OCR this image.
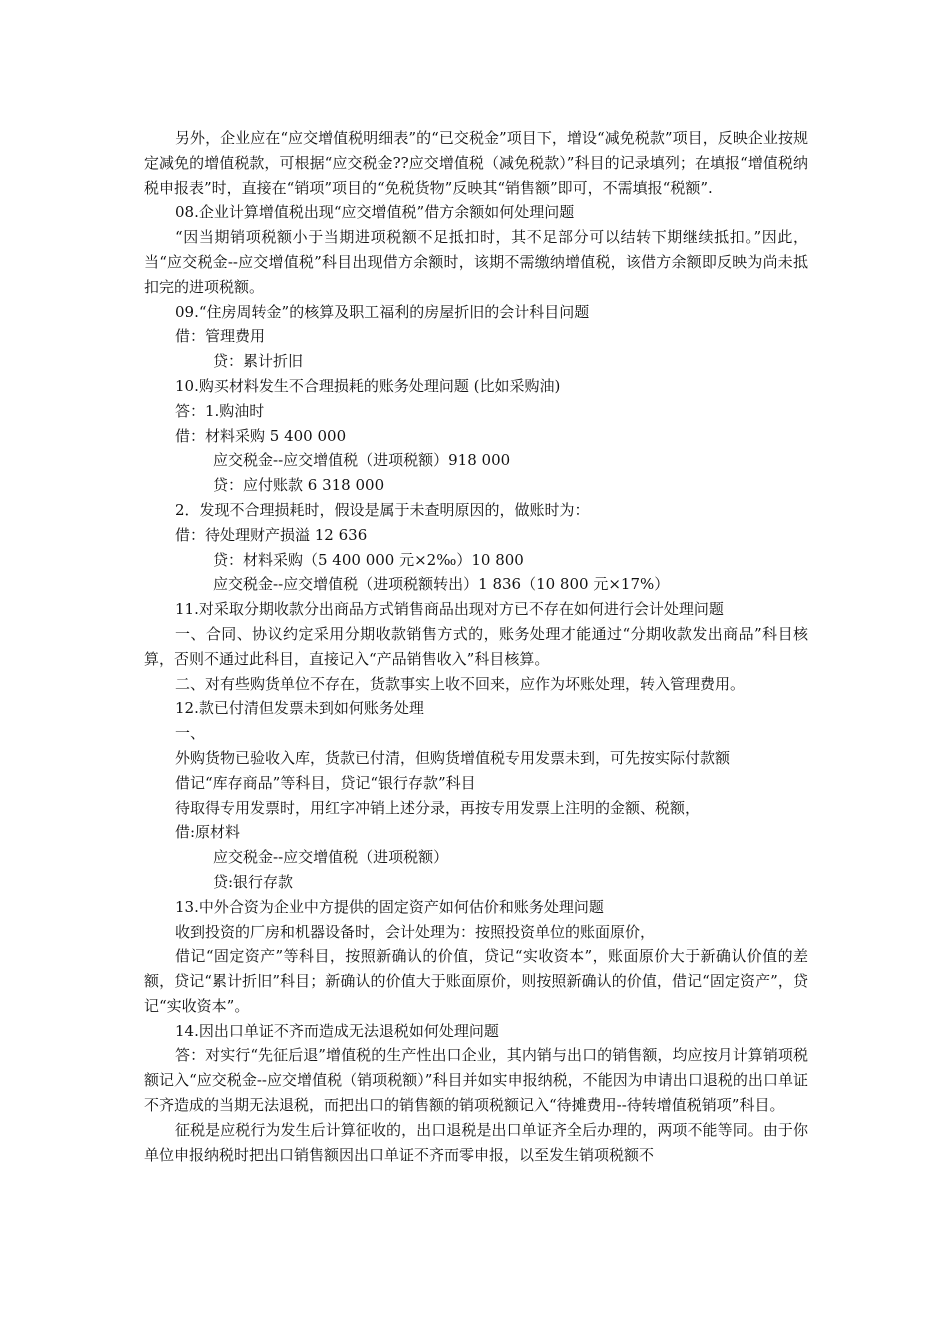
另外，企业应在“应交增值税明细表”的“已交税金”项目下，增设“减免税款”项目，反映企业按规定减免的增值税款，可根据“应交税金??应交增值税（减免税款）”科目的记录填列；在填报“增值税纳税申报表”时，直接在“销项”项目的“免税货物”反映其“销售额”即可，不需填报“税额”.

08.企业计算增值税出现“应交增值税”借方余额如何处理问题

“因当期销项税额小于当期进项税额不足抵扣时，其不足部分可以结转下期继续抵扣。”因此，当“应交税金--应交增值税”科目出现借方余额时，该期不需缴纳增值税，该借方余额即反映为尚未抵扣完的进项税额。

09.“住房周转金”的核算及职工福利的房屋折旧的会计科目问题

借：管理费用

贷：累计折旧

10.购买材料发生不合理损耗的账务处理问题 (比如采购油)

答：1.购油时

借：材料采购 5 400 000

应交税金--应交增值税（进项税额）918 000

贷：应付账款 6 318 000

2．发现不合理损耗时，假设是属于未查明原因的，做账时为：

借：待处理财产损溢 12 636

贷：材料采购（5 400 000 元×2‰）10 800

应交税金--应交增值税（进项税额转出）1 836（10 800 元×17%）

11.对采取分期收款分出商品方式销售商品出现对方已不存在如何进行会计处理问题

一、合同、协议约定采用分期收款销售方式的，账务处理才能通过“分期收款发出商品”科目核算，否则不通过此科目，直接记入“产品销售收入”科目核算。

二、对有些购货单位不存在，货款事实上收不回来，应作为坏账处理，转入管理费用。

12.款已付清但发票未到如何账务处理

一、

外购货物已验收入库，货款已付清，但购货增值税专用发票未到，可先按实际付款额

借记“库存商品”等科目，贷记“银行存款”科目

待取得专用发票时，用红字冲销上述分录，再按专用发票上注明的金额、税额，

借:原材料

应交税金--应交增值税（进项税额）

贷:银行存款

13.中外合资为企业中方提供的固定资产如何估价和账务处理问题

收到投资的厂房和机器设备时，会计处理为：按照投资单位的账面原价，

借记“固定资产”等科目，按照新确认的价值，贷记“实收资本”，账面原价大于新确认价值的差额，贷记“累计折旧”科目；新确认的价值大于账面原价，则按照新确认的价值，借记“固定资产”，贷记“实收资本”。

14.因出口单证不齐而造成无法退税如何处理问题

答：对实行“先征后退”增值税的生产性出口企业，其内销与出口的销售额，均应按月计算销项税额记入“应交税金--应交增值税（销项税额）”科目并如实申报纳税，不能因为申请出口退税的出口单证不齐造成的当期无法退税，而把出口的销售额的销项税额记入“待摊费用--待转增值税销项”科目。

征税是应税行为发生后计算征收的，出口退税是出口单证齐全后办理的，两项不能等同。由于你单位申报纳税时把出口销售额因出口单证不齐而零申报，以至发生销项税额不
